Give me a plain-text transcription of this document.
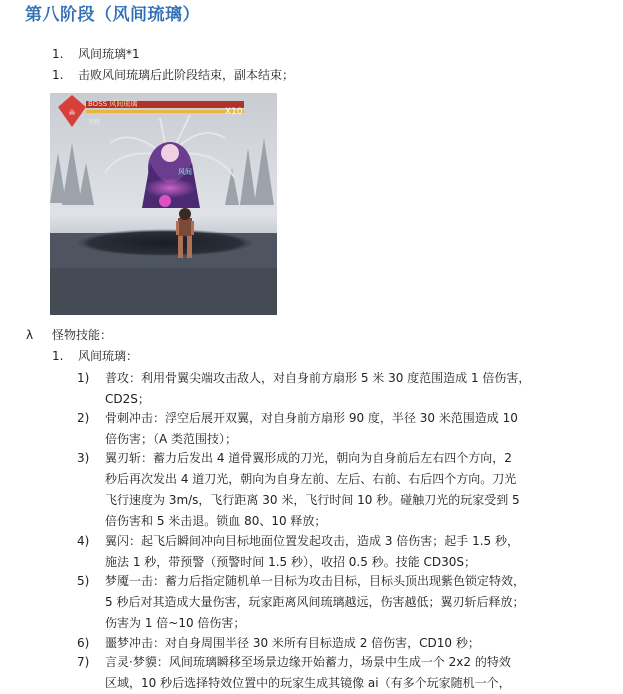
第八阶段（风间琉璃）
1. 风间琉璃*1
1. 击败风间琉璃后此阶段结束，副本结束；
☠
BOSS 风间琉璃
X10
等级
风间
λ 怪物技能：
1. 风间琉璃：
1)	普攻：利用骨翼尖端攻击敌人，对自身前方扇形 5 米 30 度范围造成 1 倍伤害，
CD2S；
2)	骨刺冲击：浮空后展开双翼，对自身前方扇形 90 度，半径 30 米范围造成 10
倍伤害；（A 类范围技）；
3)	翼刃斩：蓄力后发出 4 道骨翼形成的刀光，朝向为自身前后左右四个方向，2
秒后再次发出 4 道刀光，朝向为自身左前、左后、右前、右后四个方向。刀光
飞行速度为 3m/s，飞行距离 30 米，飞行时间 10 秒。碰触刀光的玩家受到 5
倍伤害和 5 米击退。锁血 80、10 释放；
4)	翼闪：起飞后瞬间冲向目标地面位置发起攻击，造成 3 倍伤害；起手 1.5 秒，
施法 1 秒，带预警（预警时间 1.5 秒），收招 0.5 秒。技能 CD30S；
5)	梦魇一击：蓄力后指定随机单一目标为攻击目标，目标头顶出现紫色锁定特效，
5 秒后对其造成大量伤害，玩家距离风间琉璃越远，伤害越低；翼刃斩后释放；
伤害为 1 倍~10 倍伤害；
6)	噩梦冲击：对自身周围半径 30 米所有目标造成 2 倍伤害，CD10 秒；
7)	言灵·梦貘：风间琉璃瞬移至场景边缘开始蓄力，场景中生成一个 2x2 的特效
区域，10 秒后选择特效位置中的玩家生成其镜像 ai（有多个玩家随机一个，
